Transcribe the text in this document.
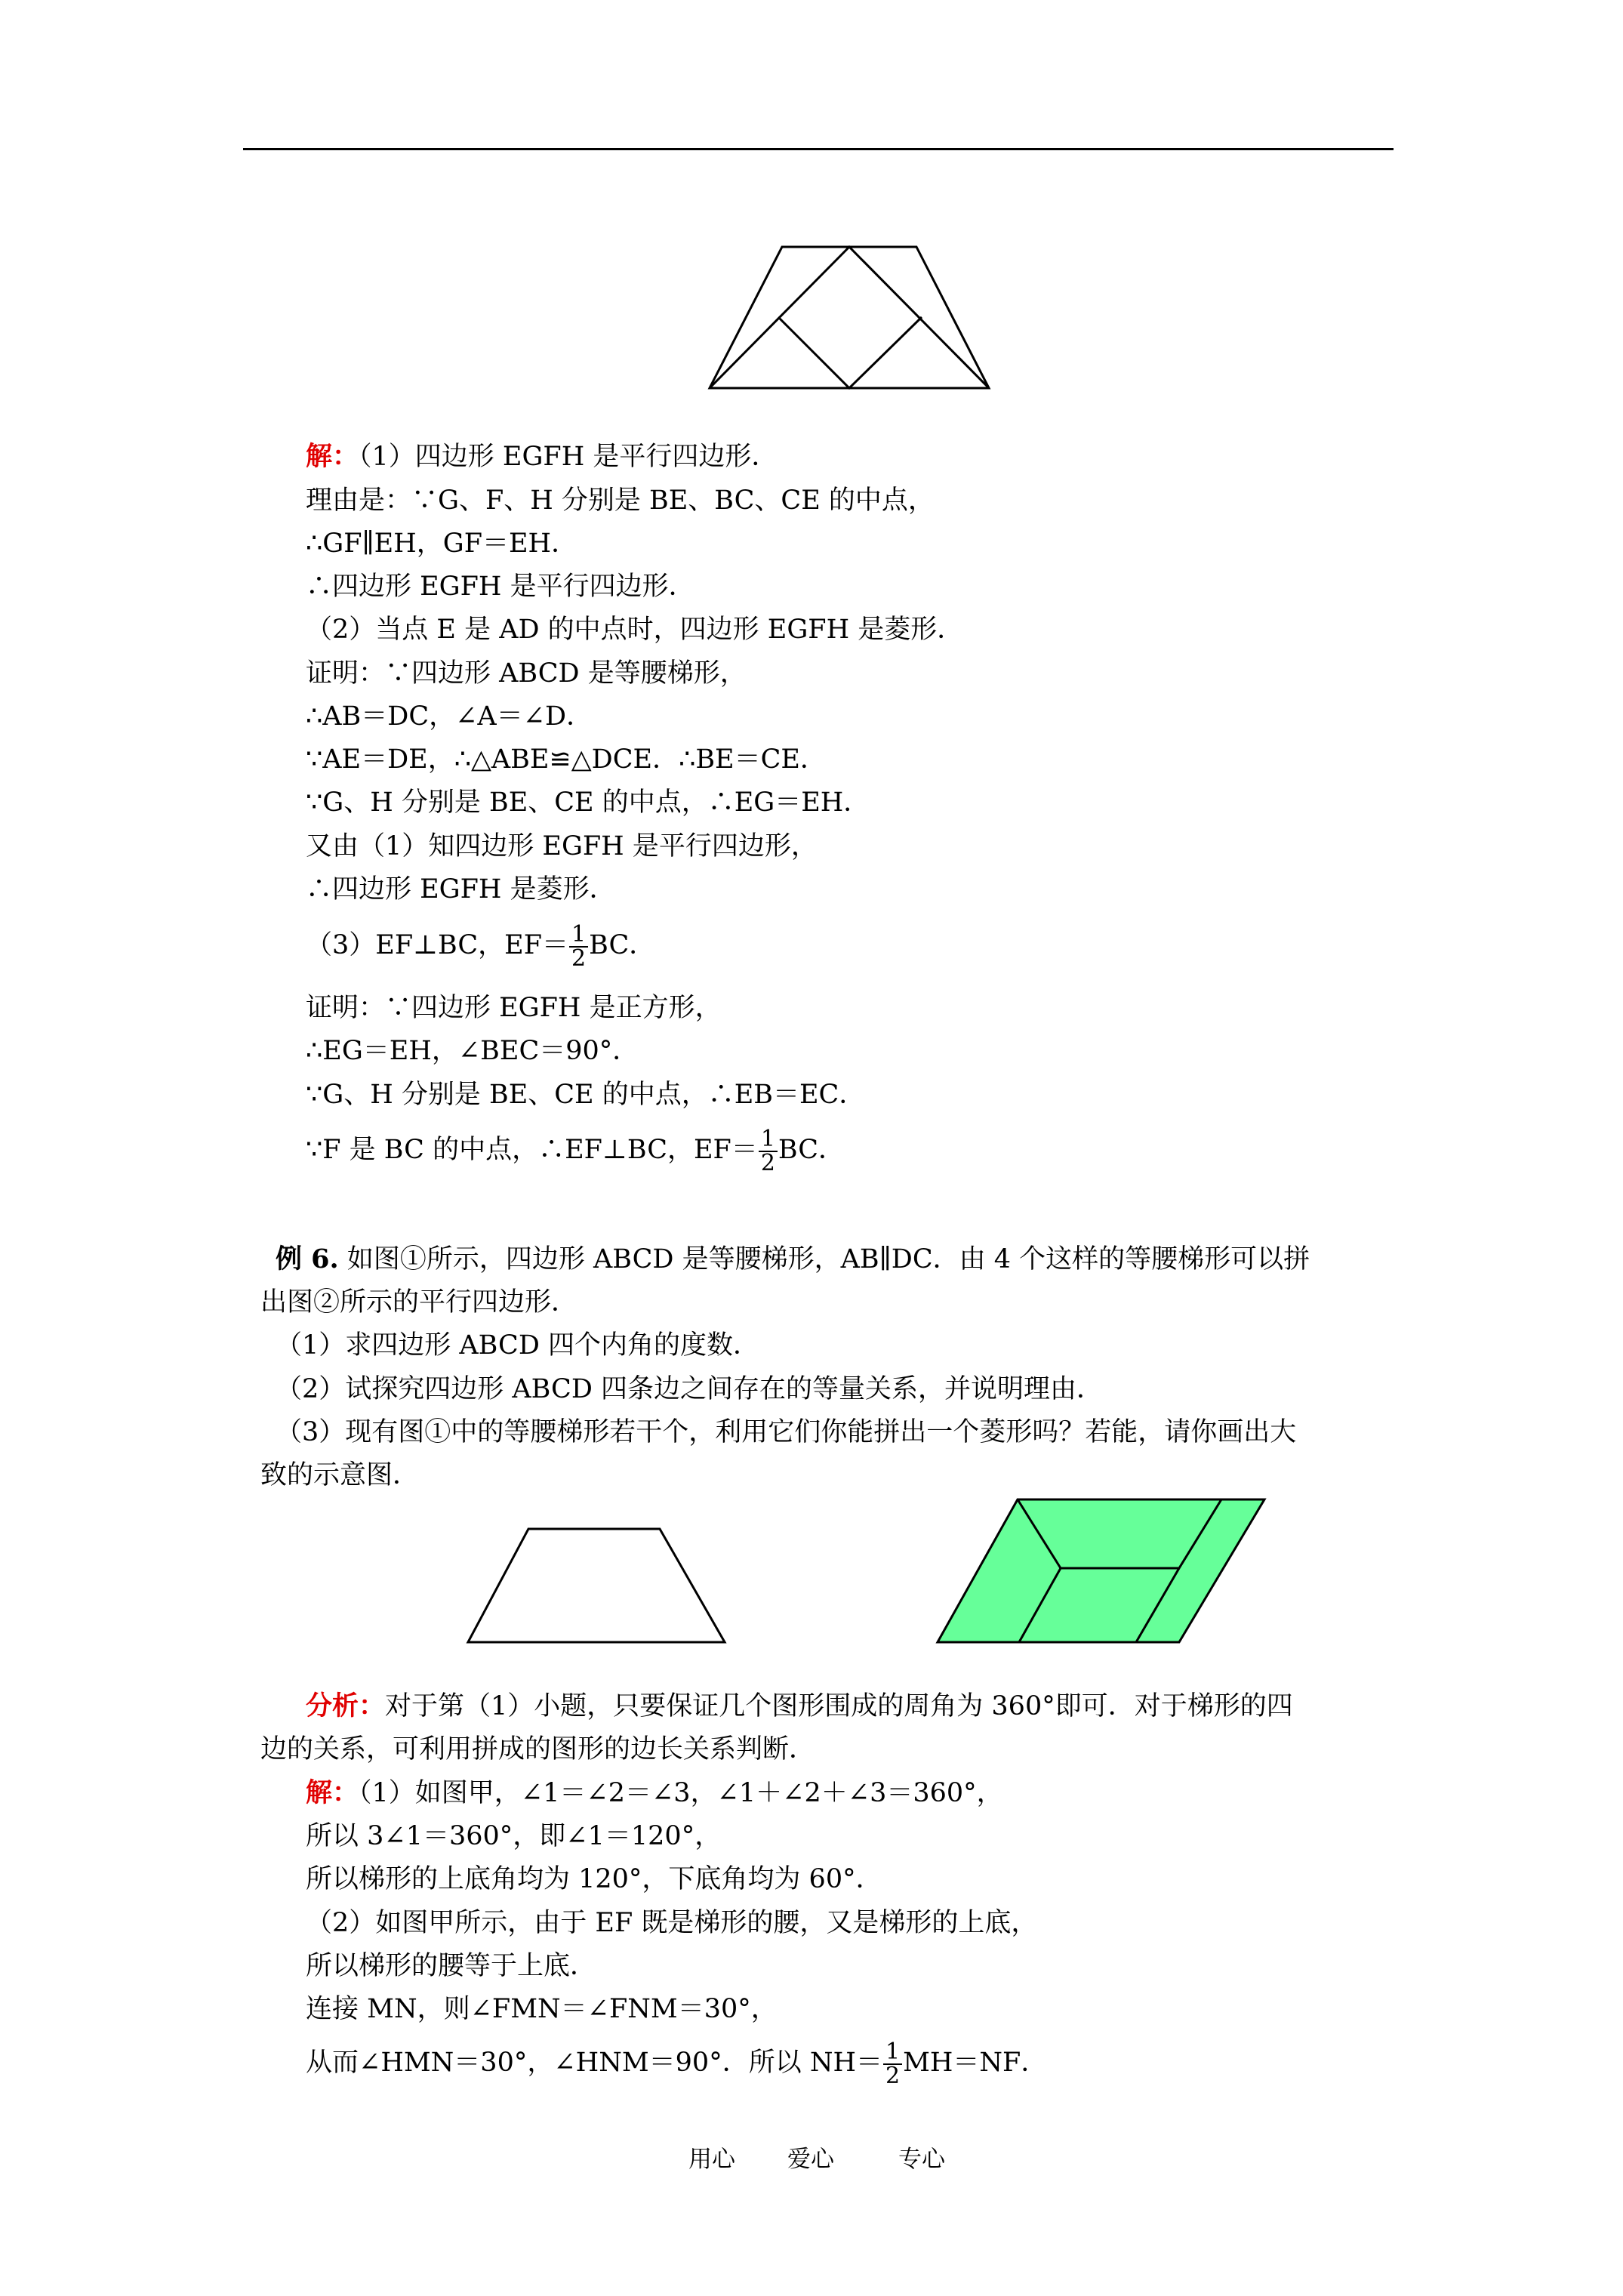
解：（1）四边形 EGFH 是平行四边形．
理由是：∵G、F、H 分别是 BE、BC、CE 的中点，
∴GF∥EH，GF＝EH．
∴四边形 EGFH 是平行四边形．
（2）当点 E 是 AD 的中点时，四边形 EGFH 是菱形．
证明：∵四边形 ABCD 是等腰梯形，
∴AB＝DC，∠A＝∠D．
∵AE＝DE，∴△ABE≌△DCE．∴BE＝CE．
∵G、H 分别是 BE、CE 的中点，∴EG＝EH．
又由（1）知四边形 EGFH 是平行四边形，
∴四边形 EGFH 是菱形．
（3）EF⊥BC，$EF= \frac{1}{2}$ BC．
证明：∵四边形 EGFH 是正方形，
∴EG＝EH，∠BEC＝90°．
∵G、H 分别是 BE、CE 的中点，∴EB＝EC．
∵F 是 BC 的中点，∴EF⊥BC，$EF= \frac{1}{2}$ BC．
例 6. 如图①所示，四边形 ABCD 是等腰梯形，AB∥DC．由 4 个这样的等腰梯形可以拼
出图②所示的平行四边形．
（1）求四边形 ABCD 四个内角的度数．
（2）试探究四边形 ABCD 四条边之间存在的等量关系，并说明理由．
（3）现有图①中的等腰梯形若干个，利用它们你能拼出一个菱形吗？若能，请你画出大
致的示意图．
分析：对于第（1）小题，只要保证几个图形围成的周角为 360°即可．对于梯形的四
边的关系，可利用拼成的图形的边长关系判断．
解：（1）如图甲，∠1＝∠2＝∠3，∠1＋∠2＋∠3＝360°，
所以 3∠1＝360°，即∠1＝120°，
所以梯形的上底角均为 120°，下底角均为 60°．
（2）如图甲所示，由于 EF 既是梯形的腰，又是梯形的上底，
所以梯形的腰等于上底．
连接 MN，则∠FMN＝∠FNM＝30°，
从而∠HMN＝30°，∠HNM＝90°．所以 $NH= \frac{1}{2} MH=NF$．
用心 爱心	专心
